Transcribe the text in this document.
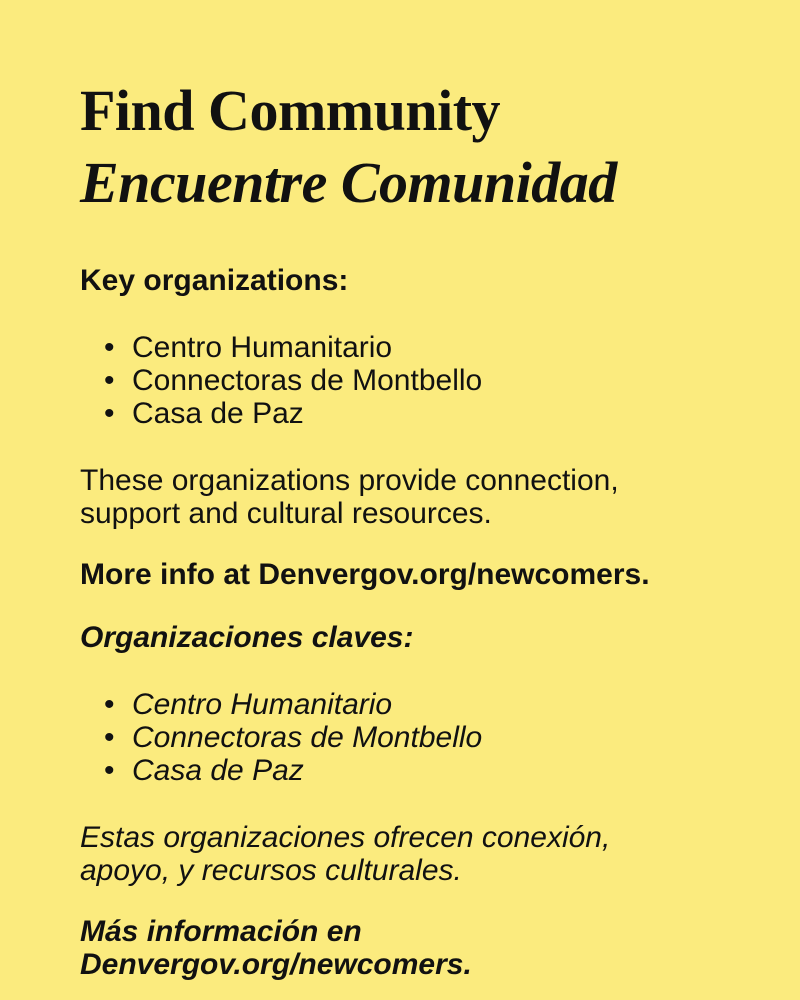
Find Community
Encuentre Comunidad

Key organizations:

• Centro Humanitario
• Connectoras de Montbello
• Casa de Paz

These organizations provide connection,
support and cultural resources.

More info at Denvergov.org/newcomers.

Organizaciones claves:

• Centro Humanitario
• Connectoras de Montbello
• Casa de Paz

Estas organizaciones ofrecen conexión,
apoyo, y recursos culturales.

Más información en
Denvergov.org/newcomers.
